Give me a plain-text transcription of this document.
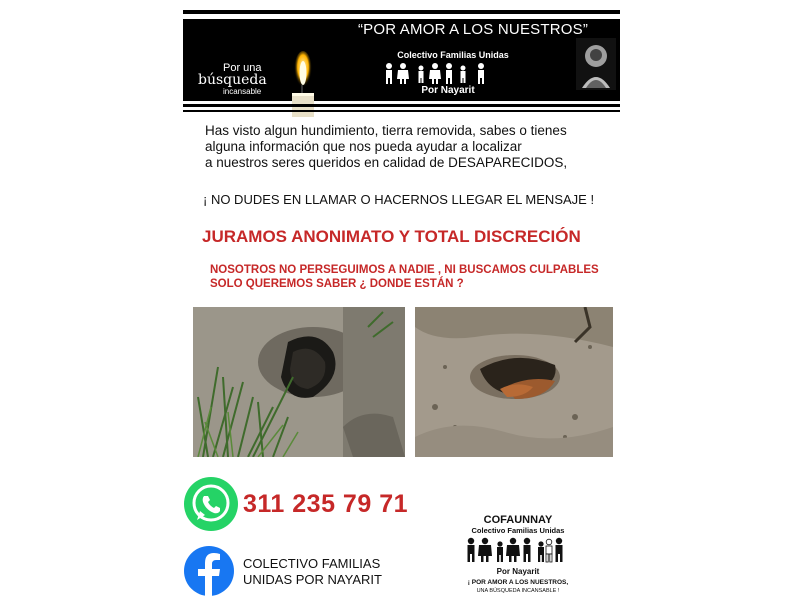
Por una
búsqueda
incansable
“POR AMOR A LOS NUESTROS”
Colectivo Familias Unidas
Por Nayarit
Has visto algun hundimiento, tierra removida, sabes o tienes
alguna información que nos pueda ayudar a localizar
a nuestros seres queridos en calidad de DESAPARECIDOS,
¡ NO DUDES EN LLAMAR O HACERNOS LLEGAR EL MENSAJE !
JURAMOS ANONIMATO Y TOTAL DISCRECIÓN
NOSOTROS NO PERSEGUIMOS A NADIE , NI BUSCAMOS CULPABLES
SOLO QUEREMOS SABER ¿ DONDE ESTÁN ?
311 235 79 71
COLECTIVO FAMILIAS
UNIDAS POR NAYARIT
COFAUNNAY
Colectivo Familias Unidas
Por Nayarit
¡ POR AMOR A LOS NUESTROS,
UNA BÚSQUEDA INCANSABLE !
